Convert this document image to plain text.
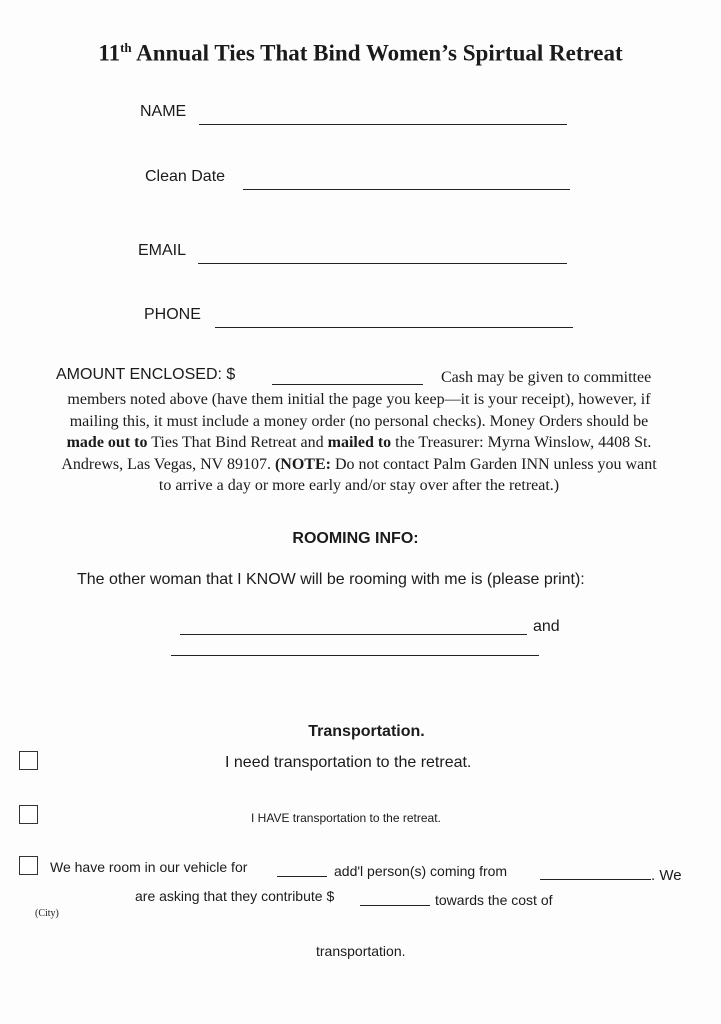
11th Annual Ties That Bind Women’s Spirtual Retreat
NAME
Clean Date
EMAIL
PHONE
AMOUNT ENCLOSED: $	Cash may be given to committee
members noted above (have them initial the page you keep—it is your receipt), however, if
mailing this, it must include a money order (no personal checks). Money Orders should be
made out to Ties That Bind Retreat and mailed to the Treasurer: Myrna Winslow, 4408 St.
Andrews, Las Vegas, NV 89107. (NOTE: Do not contact Palm Garden INN unless you want
to arrive a day or more early and/or stay over after the retreat.)
ROOMING INFO:
The other woman that I KNOW will be rooming with me is (please print):
and
Transportation.
I need transportation to the retreat.
I HAVE transportation to the retreat.
We have room in our vehicle for	add'l person(s) coming from	. We
are asking that they contribute $	towards the cost of
(City)
transportation.
